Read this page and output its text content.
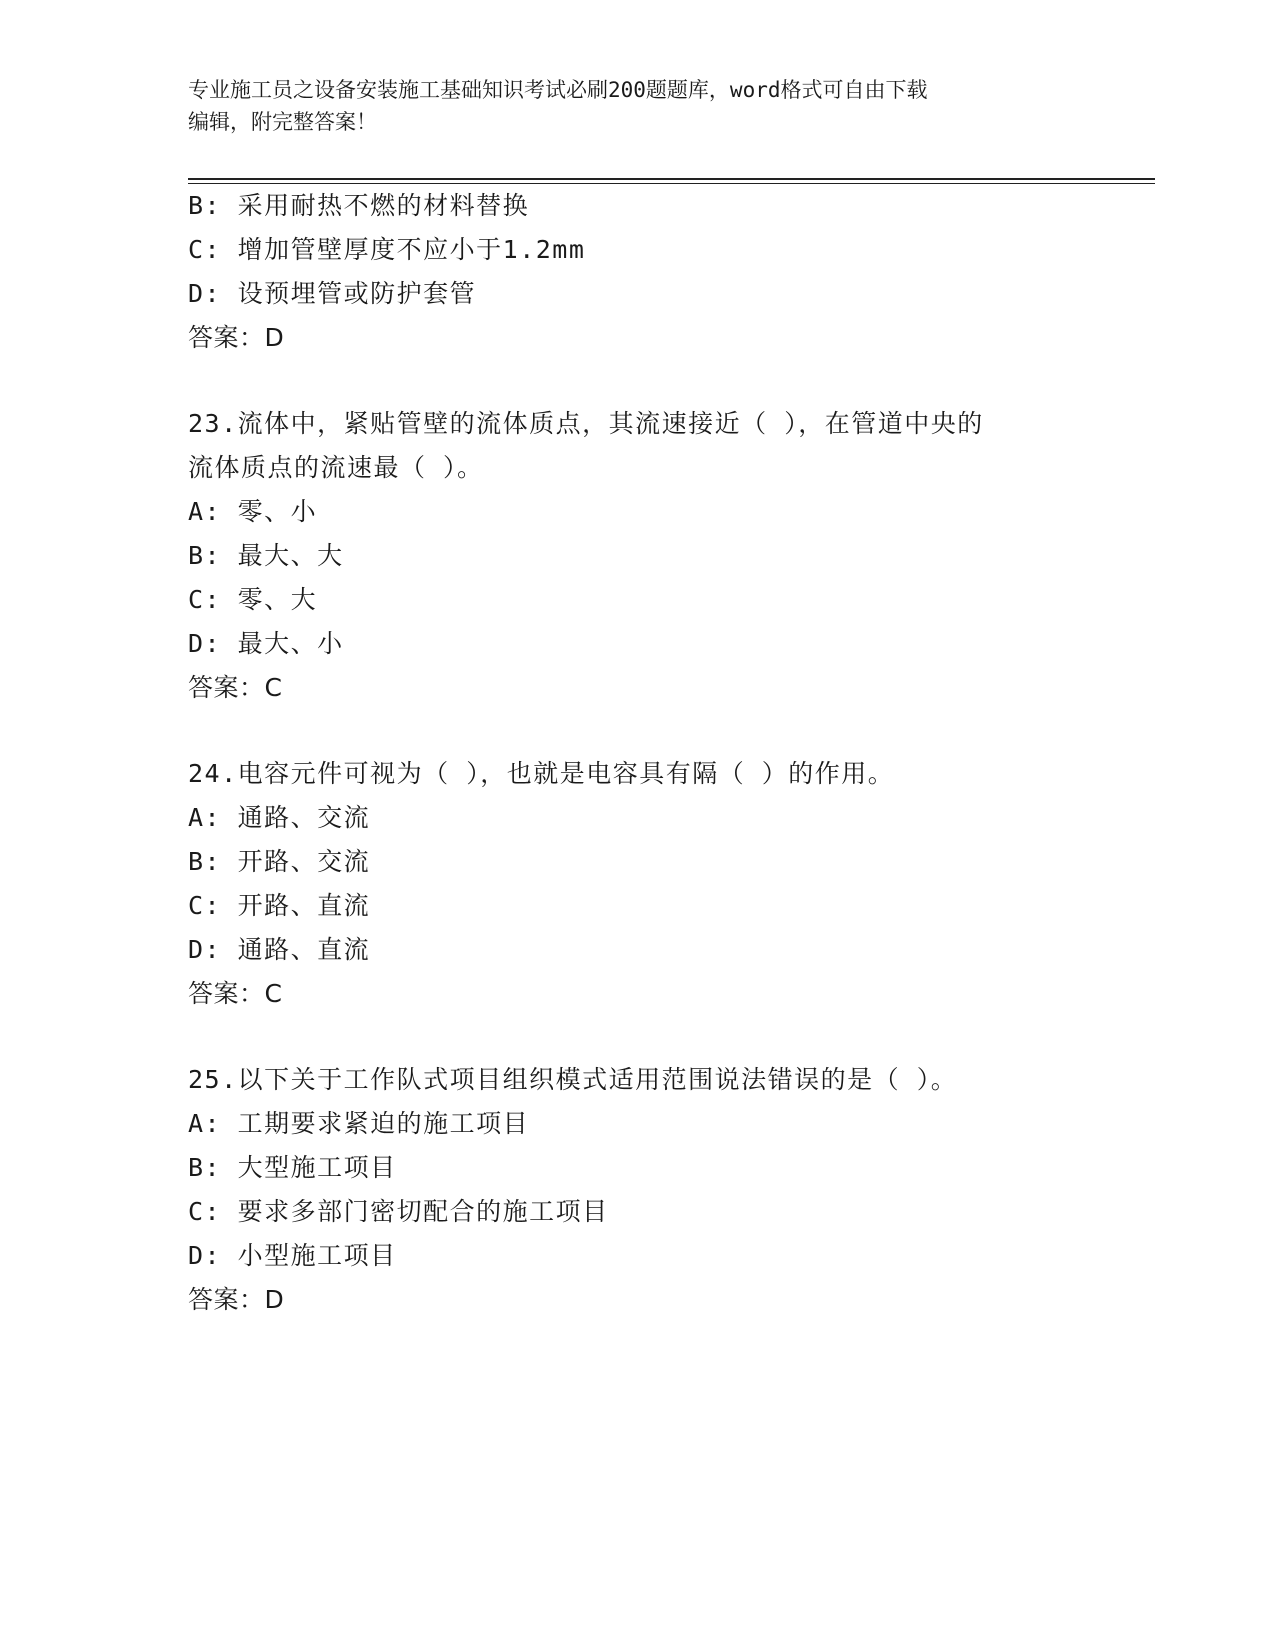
专业施工员之设备安装施工基础知识考试必刷200题题库，word格式可自由下载
编辑，附完整答案！
B: 采用耐热不燃的材料替换
C: 增加管壁厚度不应小于1.2mm
D: 设预埋管或防护套管
答案：D
23.流体中，紧贴管壁的流体质点，其流速接近（ ），在管道中央的
流体质点的流速最（ ）。
A: 零、小
B: 最大、大
C: 零、大
D: 最大、小
答案：C
24.电容元件可视为（ ），也就是电容具有隔（ ）的作用。
A: 通路、交流
B: 开路、交流
C: 开路、直流
D: 通路、直流
答案：C
25.以下关于工作队式项目组织模式适用范围说法错误的是（ ）。
A: 工期要求紧迫的施工项目
B: 大型施工项目
C: 要求多部门密切配合的施工项目
D: 小型施工项目
答案：D
